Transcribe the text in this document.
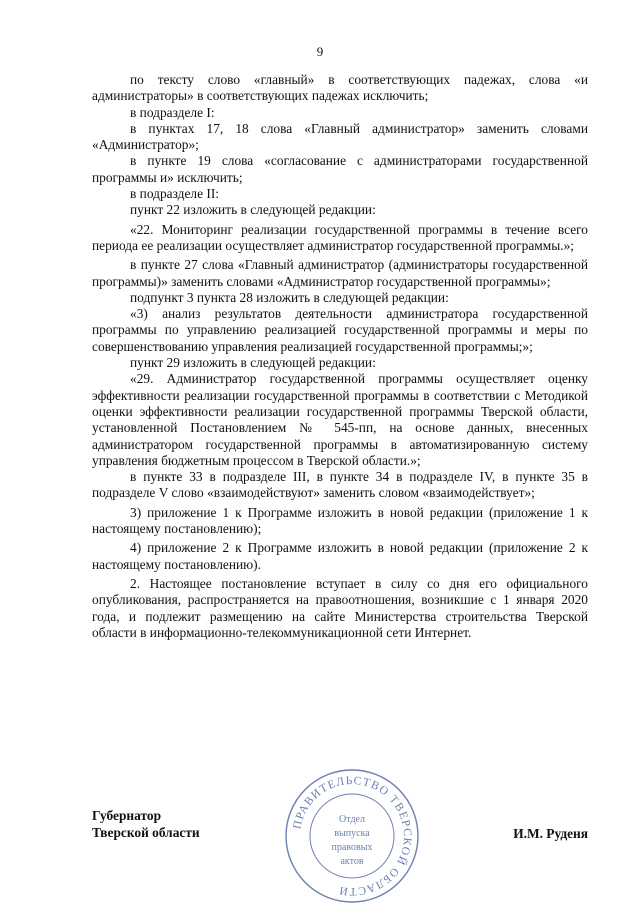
9

по тексту слово «главный» в соответствующих падежах, слова «и администраторы» в соответствующих падежах исключить;

в подразделе I:

в пунктах 17, 18 слова «Главный администратор» заменить словами «Администратор»;

в пункте 19 слова «согласование с администраторами государственной программы и» исключить;

в подразделе II:

пункт 22 изложить в следующей редакции:

«22. Мониторинг реализации государственной программы в течение всего периода ее реализации осуществляет администратор государственной программы.»;

в пункте 27 слова «Главный администратор (администраторы государственной программы)» заменить словами «Администратор государственной программы»;

подпункт 3 пункта 28 изложить в следующей редакции:

«3) анализ результатов деятельности администратора государственной программы по управлению реализацией государственной программы и меры по совершенствованию управления реализацией государственной программы;»;

пункт 29 изложить в следующей редакции:

«29. Администратор государственной программы осуществляет оценку эффективности реализации государственной программы в соответствии с Методикой оценки эффективности реализации государственной программы Тверской области, установленной Постановлением № 545-пп, на основе данных, внесенных администратором государственной программы в автоматизированную систему управления бюджетным процессом в Тверской области.»;

в пункте 33 в подразделе III, в пункте 34 в подразделе IV, в пункте 35 в подразделе V слово «взаимодействуют» заменить словом «взаимодействует»;

3) приложение 1 к Программе изложить в новой редакции (приложение 1 к настоящему постановлению);

4) приложение 2 к Программе изложить в новой редакции (приложение 2 к настоящему постановлению).

2. Настоящее постановление вступает в силу со дня его официального опубликования, распространяется на правоотношения, возникшие с 1 января 2020 года, и подлежит размещению на сайте Министерства строительства Тверской области в информационно-телекоммуникационной сети Интернет.

Губернатор
Тверской области	И.М. Руденя
ПРАВИТЕЛЬСТВО ТВЕРСКОЙ ОБЛАСТИ
Отдел
выпуска
правовых
актов
